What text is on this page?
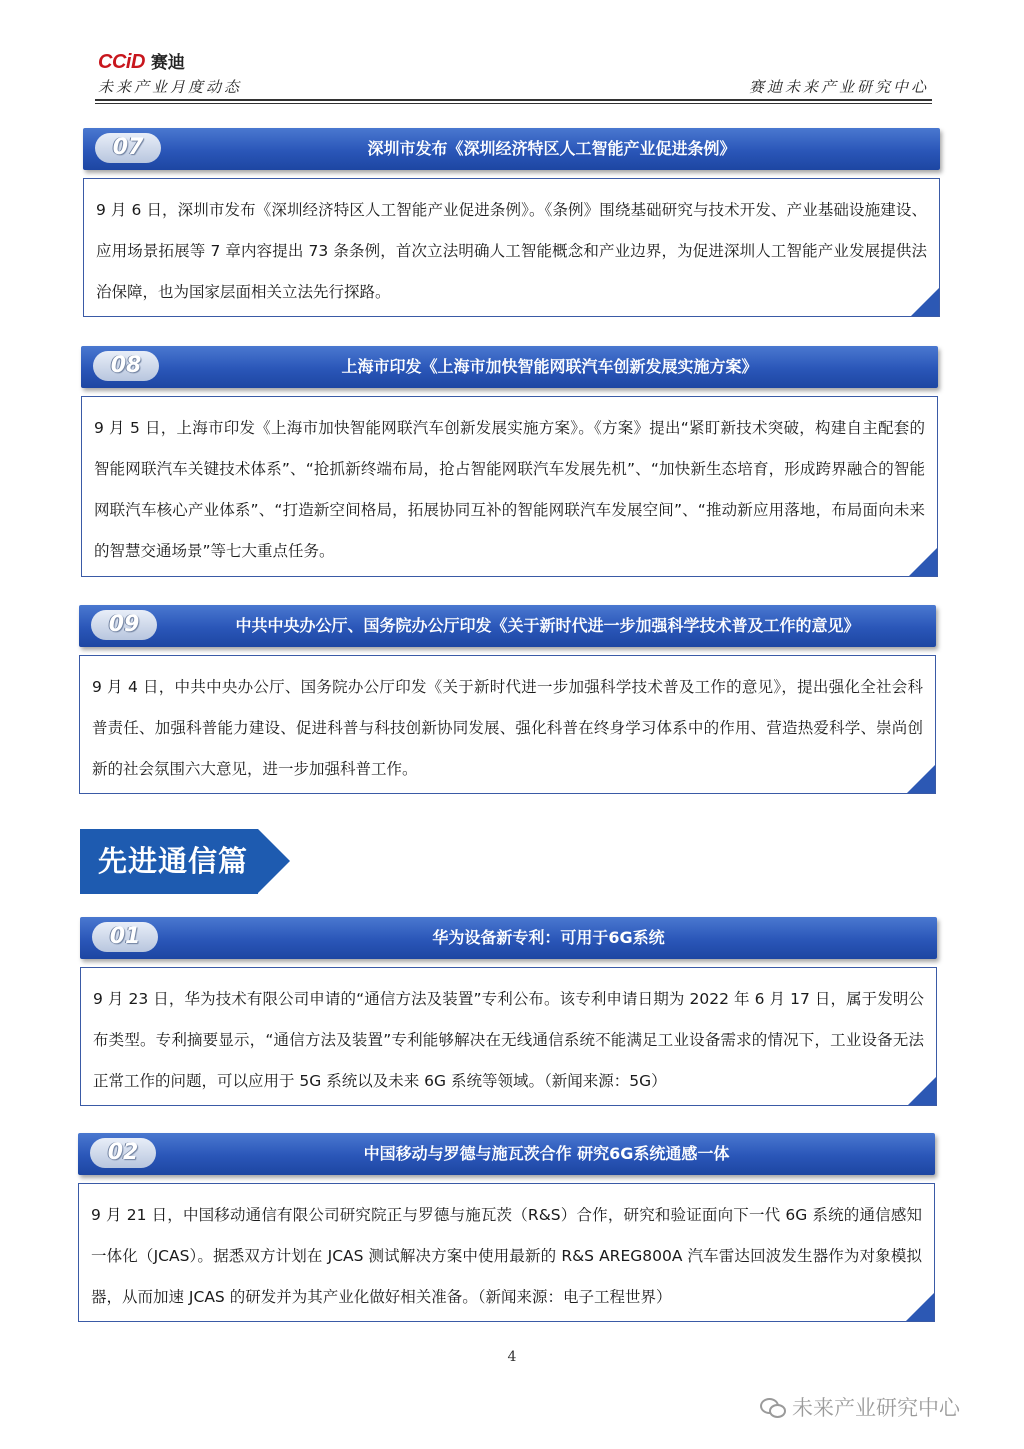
CCiD 赛迪
未来产业月度动态	赛迪未来产业研究中心
07	深圳市发布《深圳经济特区人工智能产业促进条例》
9 月 6 日，深圳市发布《深圳经济特区人工智能产业促进条例》。《条例》围绕基础研究与技术开发、产业基础设施建设、应用场景拓展等 7 章内容提出 73 条条例，首次立法明确人工智能概念和产业边界，为促进深圳人工智能产业发展提供法治保障，也为国家层面相关立法先行探路。
08	上海市印发《上海市加快智能网联汽车创新发展实施方案》
9 月 5 日，上海市印发《上海市加快智能网联汽车创新发展实施方案》。《方案》提出“紧盯新技术突破，构建自主配套的智能网联汽车关键技术体系”、“抢抓新终端布局，抢占智能网联汽车发展先机”、“加快新生态培育，形成跨界融合的智能网联汽车核心产业体系”、“打造新空间格局，拓展协同互补的智能网联汽车发展空间”、“推动新应用落地，布局面向未来的智慧交通场景”等七大重点任务。
09	中共中央办公厅、国务院办公厅印发《关于新时代进一步加强科学技术普及工作的意见》
9 月 4 日，中共中央办公厅、国务院办公厅印发《关于新时代进一步加强科学技术普及工作的意见》，提出强化全社会科普责任、加强科普能力建设、促进科普与科技创新协同发展、强化科普在终身学习体系中的作用、营造热爱科学、崇尚创新的社会氛围六大意见，进一步加强科普工作。
先进通信篇
01	华为设备新专利：可用于6G系统
9 月 23 日，华为技术有限公司申请的“通信方法及装置”专利公布。该专利申请日期为 2022 年 6 月 17 日，属于发明公布类型。专利摘要显示，“通信方法及装置”专利能够解决在无线通信系统不能满足工业设备需求的情况下，工业设备无法正常工作的问题，可以应用于 5G 系统以及未来 6G 系统等领域。（新闻来源：5G）
02	中国移动与罗德与施瓦茨合作 研究6G系统通感一体
9 月 21 日，中国移动通信有限公司研究院正与罗德与施瓦茨（R&S）合作，研究和验证面向下一代 6G 系统的通信感知一体化（JCAS）。据悉双方计划在 JCAS 测试解决方案中使用最新的 R&S AREG800A 汽车雷达回波发生器作为对象模拟器，从而加速 JCAS 的研发并为其产业化做好相关准备。（新闻来源：电子工程世界）
4
未来产业研究中心
